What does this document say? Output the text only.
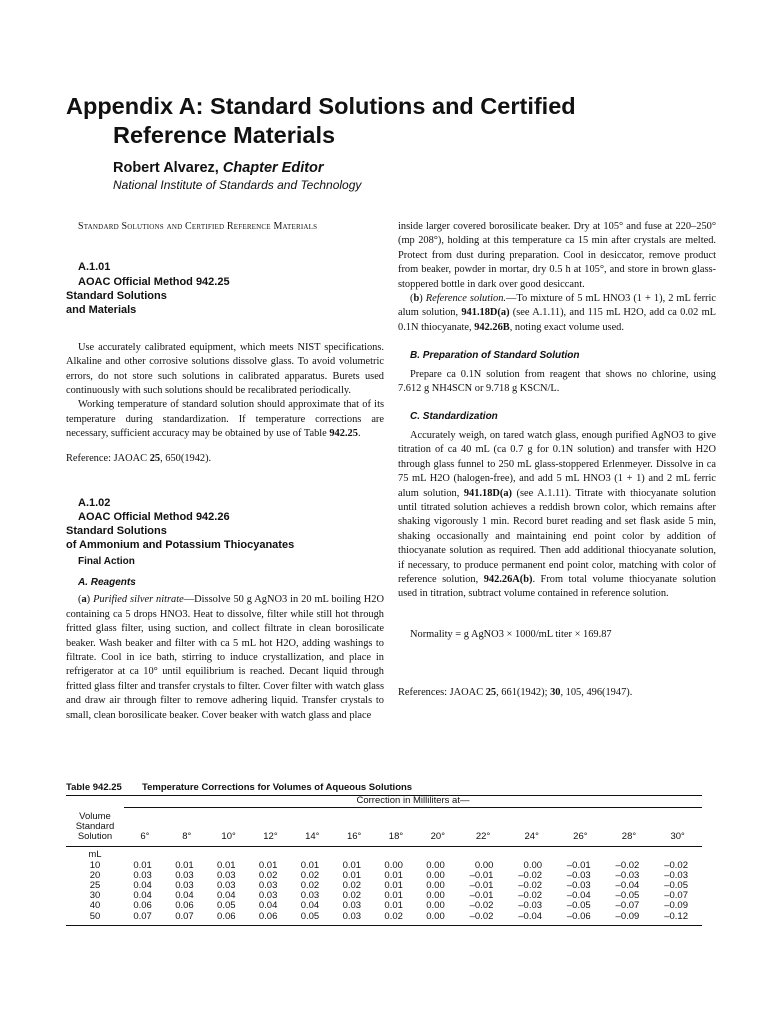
Appendix A: Standard Solutions and Certified
Reference Materials
Robert Alvarez, Chapter Editor
National Institute of Standards and Technology

Standard Solutions and Certified Reference Materials

A.1.01

AOAC Official Method 942.25
Standard Solutions
and Materials

Use accurately calibrated equipment, which meets NIST specifications. Alkaline and other corrosive solutions dissolve glass. To avoid volumetric errors, do not store such solutions in calibrated apparatus. Burets used continuously with such solutions should be recalibrated periodically.

Working temperature of standard solution should approximate that of its temperature during standardization. If temperature corrections are necessary, sufficient accuracy may be obtained by use of Table 942.25.

Reference: JAOAC 25, 650(1942).

A.1.02

AOAC Official Method 942.26
Standard Solutions
of Ammonium and Potassium Thiocyanates

Final Action

A. Reagents

(a) Purified silver nitrate—Dissolve 50 g AgNO3 in 20 mL boiling H2O containing ca 5 drops HNO3. Heat to dissolve, filter while still hot through fritted glass filter, using suction, and collect filtrate in clean borosilicate beaker. Wash beaker and filter with ca 5 mL hot H2O, adding washings to filtrate. Cool in ice bath, stirring to induce crystallization, and place in refrigerator at ca 10° until equilibrium is reached. Decant liquid through fritted glass filter and transfer crystals to filter. Cover filter with watch glass and draw air through filter to remove adhering liquid. Transfer crystals to small, clean borosilicate beaker. Cover beaker with watch glass and place

inside larger covered borosilicate beaker. Dry at 105° and fuse at 220–250° (mp 208°), holding at this temperature ca 15 min after crystals are melted. Protect from dust during preparation. Cool in desiccator, remove product from beaker, powder in mortar, dry 0.5 h at 105°, and store in brown glass-stoppered bottle in dark over good desiccant.

(b) Reference solution.—To mixture of 5 mL HNO3 (1 + 1), 2 mL ferric alum solution, 941.18D(a) (see A.1.11), and 115 mL H2O, add ca 0.02 mL 0.1N thiocyanate, 942.26B, noting exact volume used.

B. Preparation of Standard Solution

Prepare ca 0.1N solution from reagent that shows no chlorine, using 7.612 g NH4SCN or 9.718 g KSCN/L.

C. Standardization

Accurately weigh, on tared watch glass, enough purified AgNO3 to give titration of ca 40 mL (ca 0.7 g for 0.1N solution) and transfer with H2O through glass funnel to 250 mL glass-stoppered Erlenmeyer. Dissolve in ca 75 mL H2O (halogen-free), and add 5 mL HNO3 (1 + 1) and 2 mL ferric alum solution, 941.18D(a) (see A.1.11). Titrate with thiocyanate solution until titrated solution achieves a reddish brown color, which remains after shaking vigorously 1 min. Record buret reading and set flask aside 5 min, shaking occasionally and maintaining end point color by addition of thiocyanate solution as required. Then add additional thiocyanate solution, if necessary, to produce permanent end point color, matching with color of reference solution, 942.26A(b). From total volume thiocyanate solution used in titration, subtract volume contained in reference solution.

Normality = g AgNO3 × 1000/mL titer × 169.87

References: JAOAC 25, 661(1942); 30, 105, 496(1947).

Table 942.25 Temperature Corrections for Volumes of Aqueous Solutions

	Correction in Milliliters at—												
Volume
Standard
Solution	6°	8°	10°	12°	14°	16°	18°	20°	22°	24°	26°	28°	30°
mL													
10	0.01	0.01	0.01	0.01	0.01	0.01	0.00	0.00	0.00	0.00	–0.01	–0.02	–0.02
20	0.03	0.03	0.03	0.02	0.02	0.01	0.01	0.00	–0.01	–0.02	–0.03	–0.03	–0.03
25	0.04	0.03	0.03	0.03	0.02	0.02	0.01	0.00	–0.01	–0.02	–0.03	–0.04	–0.05
30	0.04	0.04	0.04	0.03	0.03	0.02	0.01	0.00	–0.01	–0.02	–0.04	–0.05	–0.07
40	0.06	0.06	0.05	0.04	0.04	0.03	0.01	0.00	–0.02	–0.03	–0.05	–0.07	–0.09
50	0.07	0.07	0.06	0.06	0.05	0.03	0.02	0.00	–0.02	–0.04	–0.06	–0.09	–0.12
